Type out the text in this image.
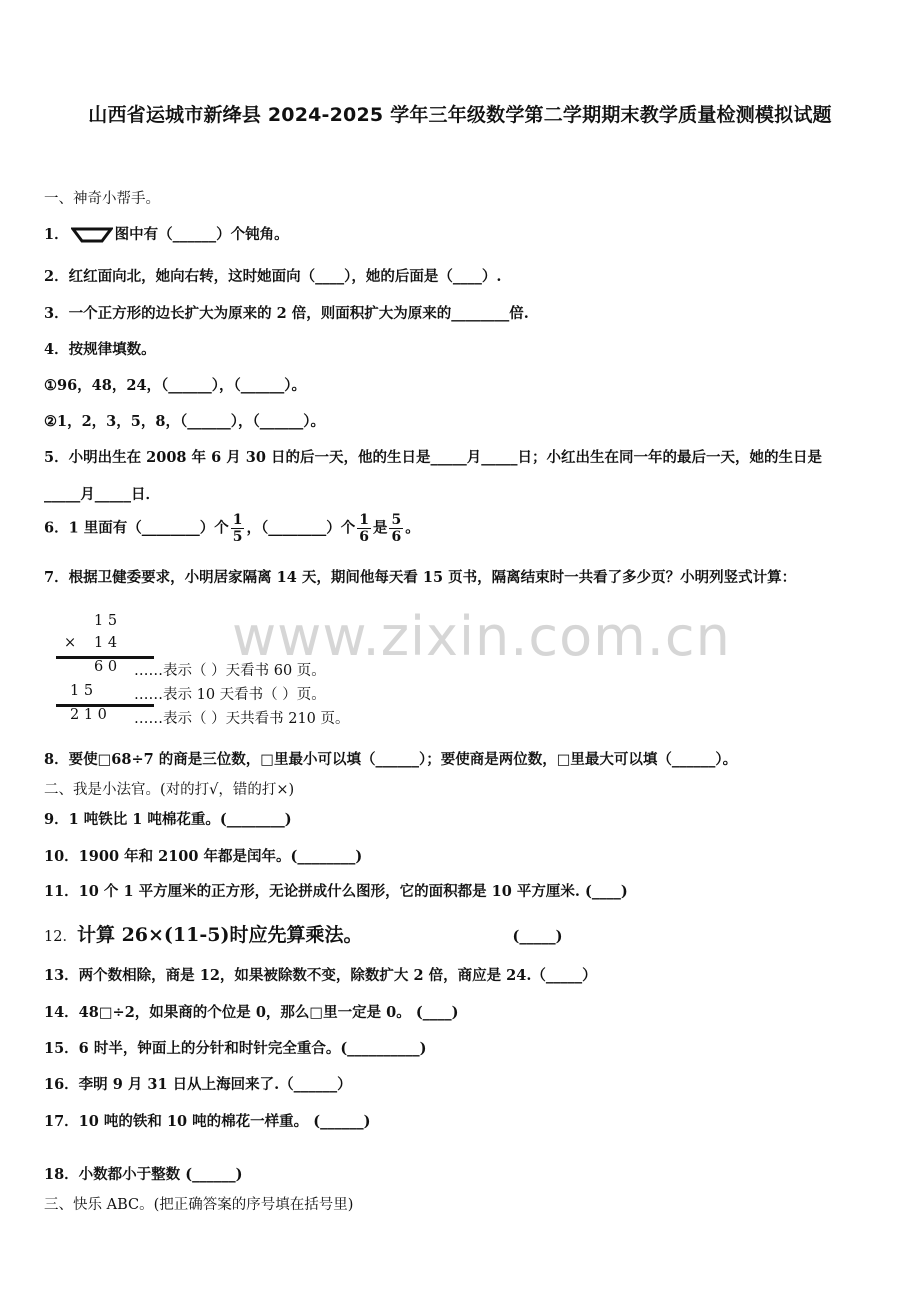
www.zixin.com.cn
山西省运城市新绛县 2024-2025 学年三年级数学第二学期期末教学质量检测模拟试题
一、神奇小帮手。
1．	图中有（______）个钝角。
2．红红面向北，她向右转，这时她面向（____），她的后面是（____）.
3．一个正方形的边长扩大为原来的 2 倍，则面积扩大为原来的________倍.
4．按规律填数。
①96，48，24，（______），（______）。
②1，2，3，5，8，（______），（______）。
5．小明出生在 2008 年 6 月 30 日的后一天，他的生日是_____月_____日；小红出生在同一年的最后一天，她的生日是
_____月_____日．
6．1 里面有（________）个 $\frac{1}{5}$ ，（________）个 $\frac{1}{6}$ 是 $\frac{5}{6}$ 。
7．根据卫健委要求，小明居家隔离 14 天，期间他每天看 15 页书，隔离结束时一共看了多少页？小明列竖式计算：
1 5
× 1 4
6 0 ……表示（ ）天看书 60 页。
1 5	……表示 10 天看书（ ）页。
2 1 0 ……表示（ ）天共看书 210 页。
8．要使□68÷7 的商是三位数，□里最小可以填（______）；要使商是两位数，□里最大可以填（______）。
二、我是小法官。(对的打√，错的打×)
9．1 吨铁比 1 吨棉花重。(________)
10．1900 年和 2100 年都是闰年。(________)
11．10 个 1 平方厘米的正方形，无论拼成什么图形，它的面积都是 10 平方厘米. (____)
12．计算 26×(11-5)时应先算乘法。	(_____)
13．两个数相除，商是 12，如果被除数不变，除数扩大 2 倍，商应是 24.（_____）
14．48□÷2，如果商的个位是 0，那么□里一定是 0。 (____)
15．6 时半，钟面上的分针和时针完全重合。(__________)
16．李明 9 月 31 日从上海回来了.（______）
17．10 吨的铁和 10 吨的棉花一样重。 (______)
18．小数都小于整数 (______)
三、快乐 ABC。(把正确答案的序号填在括号里)
